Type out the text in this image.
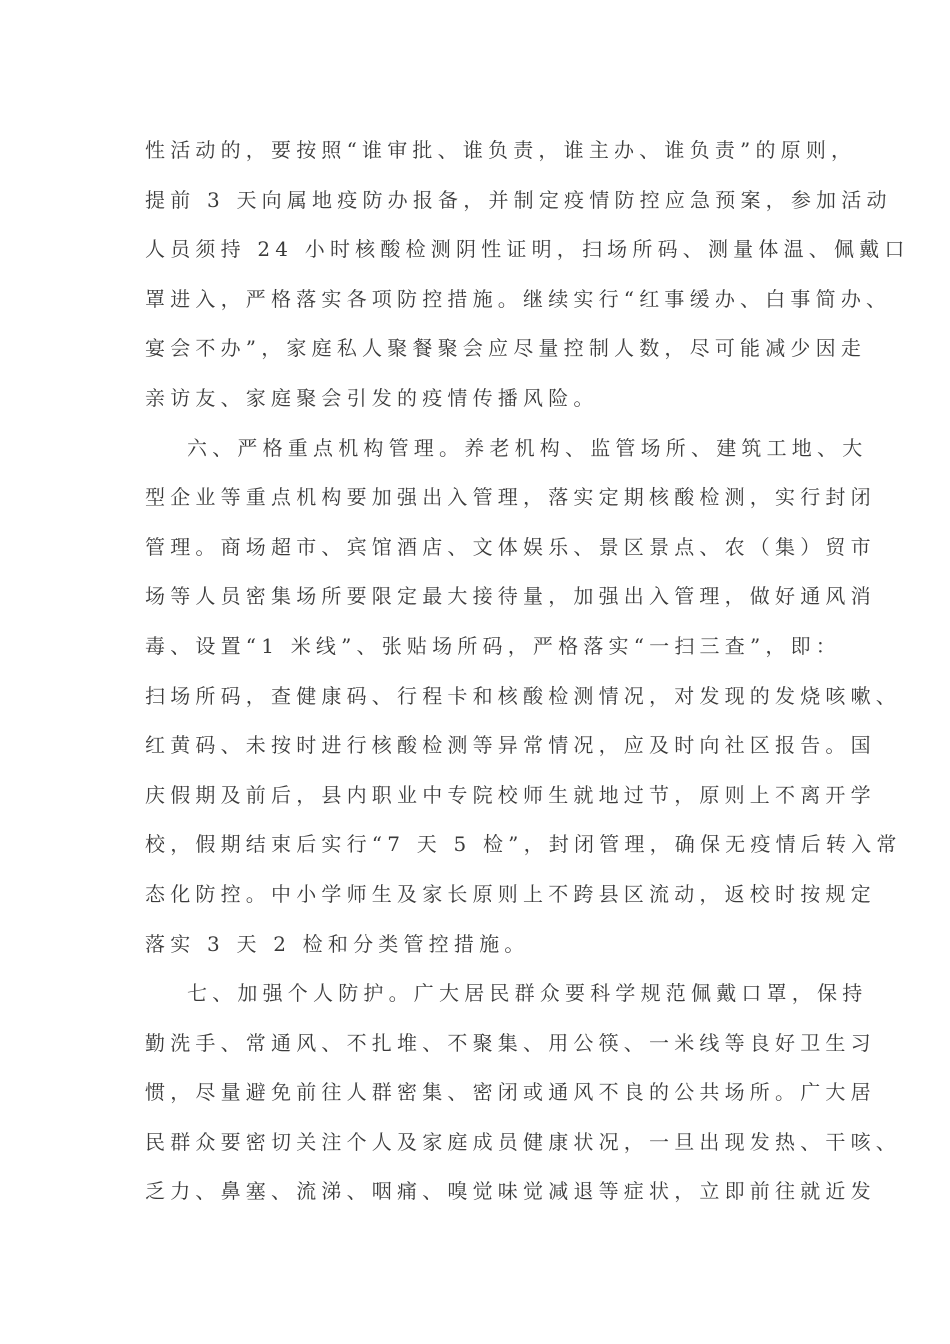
性活动的，要按照“谁审批、谁负责，谁主办、谁负责”的原则，
提前 3 天向属地疫防办报备，并制定疫情防控应急预案，参加活动
人员须持 24 小时核酸检测阴性证明，扫场所码、测量体温、佩戴口
罩进入，严格落实各项防控措施。继续实行“红事缓办、白事简办、
宴会不办”，家庭私人聚餐聚会应尽量控制人数，尽可能减少因走
亲访友、家庭聚会引发的疫情传播风险。
六、严格重点机构管理。养老机构、监管场所、建筑工地、大
型企业等重点机构要加强出入管理，落实定期核酸检测，实行封闭
管理。商场超市、宾馆酒店、文体娱乐、景区景点、农（集）贸市
场等人员密集场所要限定最大接待量，加强出入管理，做好通风消
毒、设置“1 米线”、张贴场所码，严格落实“一扫三查”，即：
扫场所码，查健康码、行程卡和核酸检测情况，对发现的发烧咳嗽、
红黄码、未按时进行核酸检测等异常情况，应及时向社区报告。国
庆假期及前后，县内职业中专院校师生就地过节，原则上不离开学
校，假期结束后实行“7 天 5 检”，封闭管理，确保无疫情后转入常
态化防控。中小学师生及家长原则上不跨县区流动，返校时按规定
落实 3 天 2 检和分类管控措施。
七、加强个人防护。广大居民群众要科学规范佩戴口罩，保持
勤洗手、常通风、不扎堆、不聚集、用公筷、一米线等良好卫生习
惯，尽量避免前往人群密集、密闭或通风不良的公共场所。广大居
民群众要密切关注个人及家庭成员健康状况，一旦出现发热、干咳、
乏力、鼻塞、流涕、咽痛、嗅觉味觉减退等症状，立即前往就近发
